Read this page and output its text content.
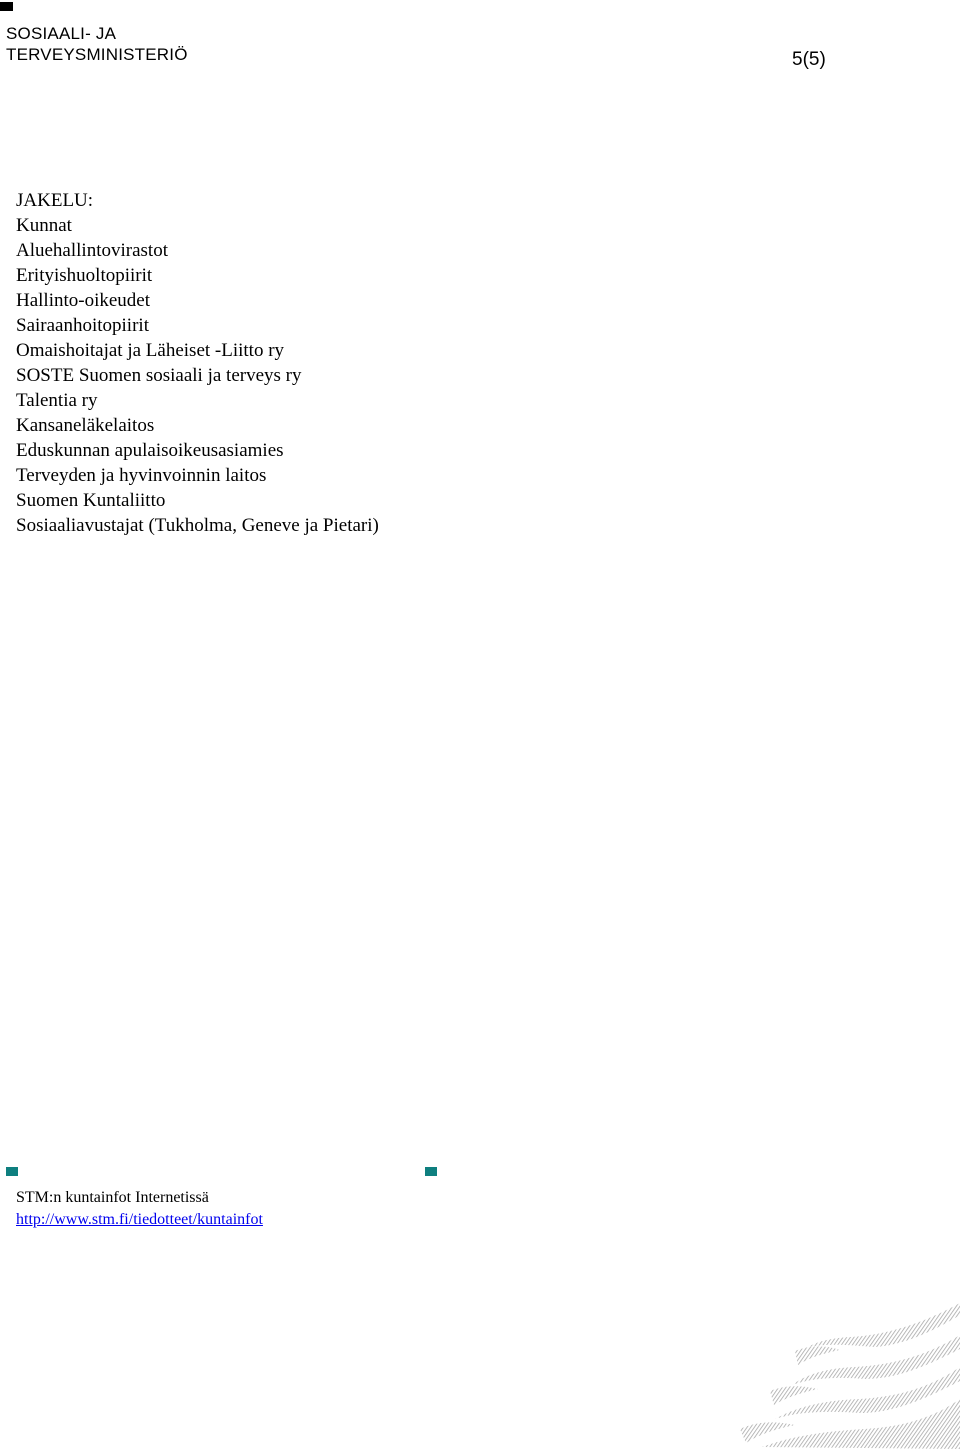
SOSIAALI- JA
TERVEYSMINISTERIÖ	5(5)
JAKELU:
Kunnat
Aluehallintovirastot
Erityishuoltopiirit
Hallinto-oikeudet
Sairaanhoitopiirit
Omaishoitajat ja Läheiset -Liitto ry
SOSTE Suomen sosiaali ja terveys ry
Talentia ry
Kansaneläkelaitos
Eduskunnan apulaisoikeusasiamies
Terveyden ja hyvinvoinnin laitos
Suomen Kuntaliitto
Sosiaaliavustajat (Tukholma, Geneve ja Pietari)
STM:n kuntainfot Internetissä
http://www.stm.fi/tiedotteet/kuntainfot
